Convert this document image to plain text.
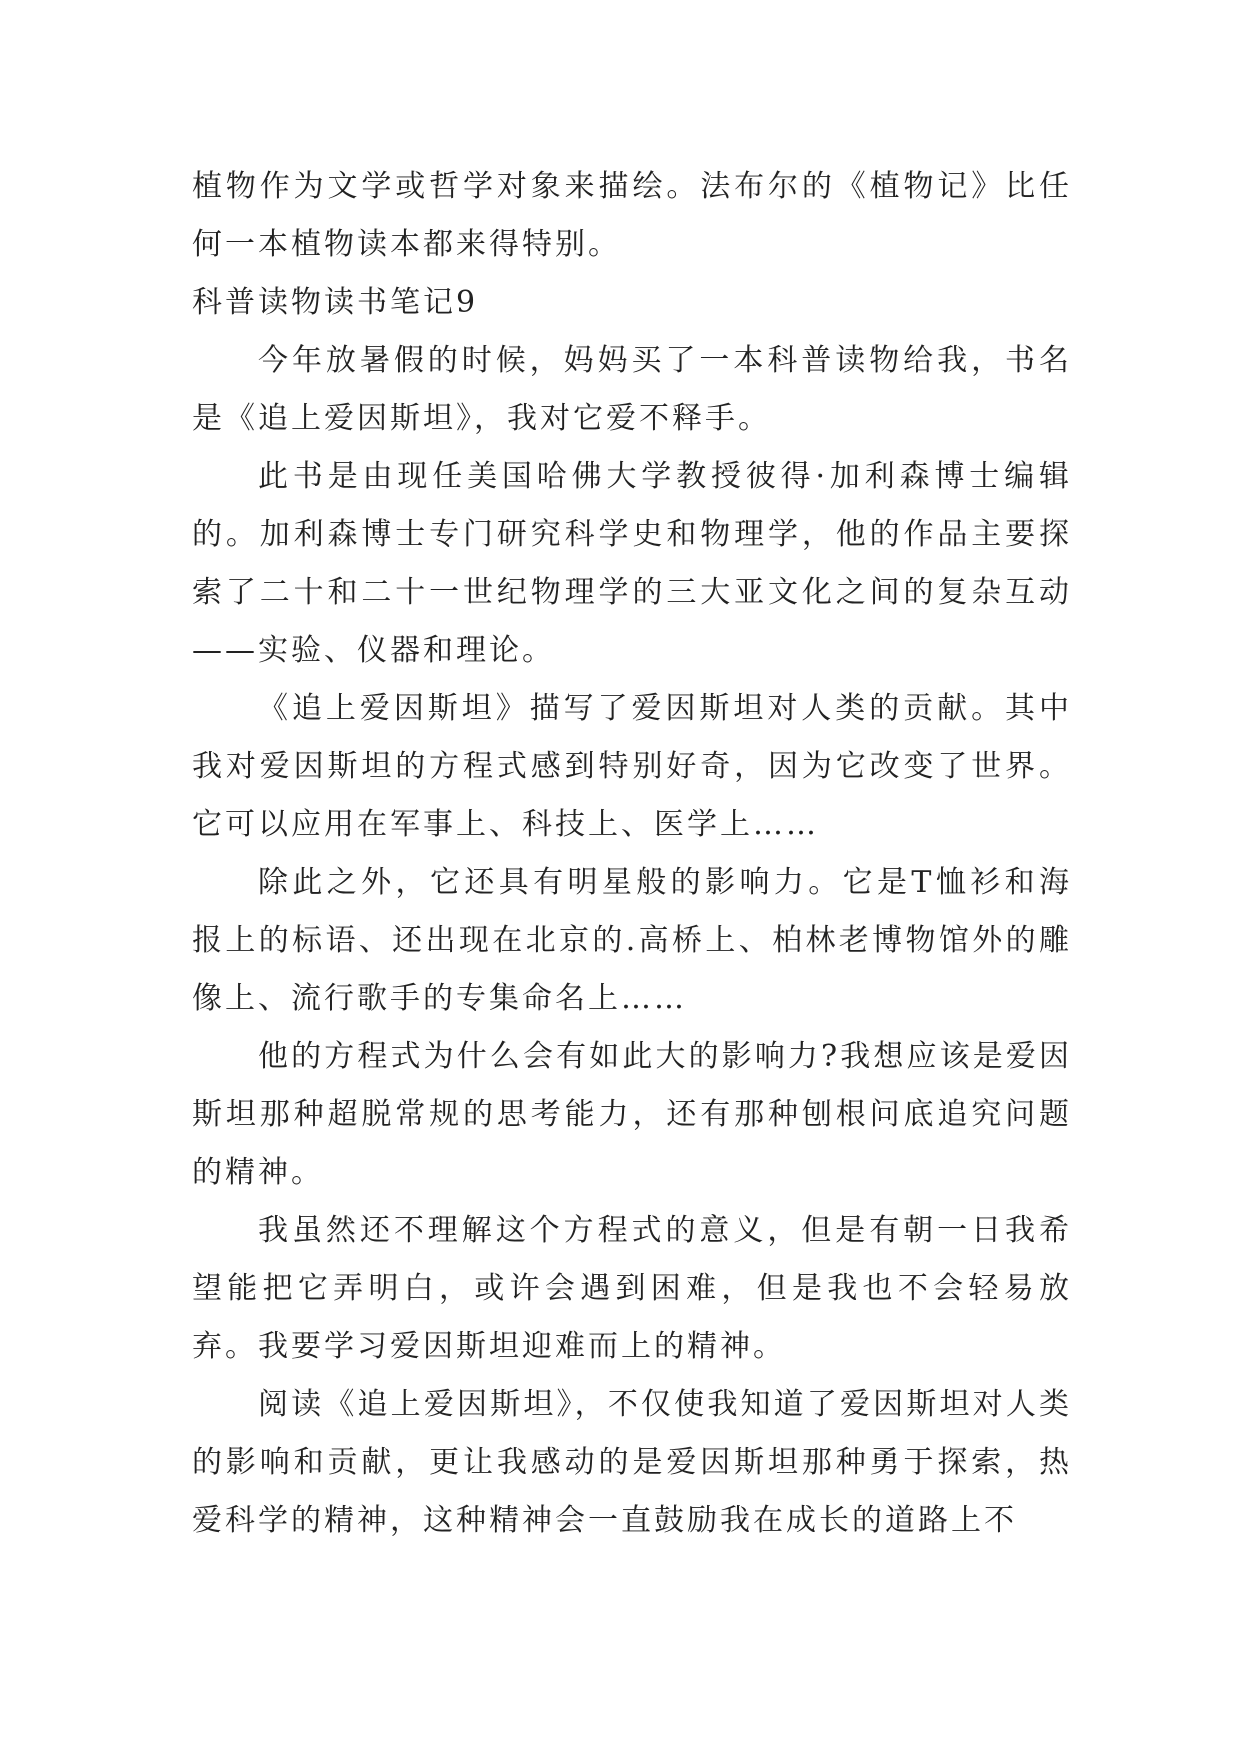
植物作为文学或哲学对象来描绘。法布尔的《植物记》比任何一本植物读本都来得特别。

科普读物读书笔记9

今年放暑假的时候，妈妈买了一本科普读物给我，书名是《追上爱因斯坦》，我对它爱不释手。

此书是由现任美国哈佛大学教授彼得·加利森博士编辑的。加利森博士专门研究科学史和物理学，他的作品主要探索了二十和二十一世纪物理学的三大亚文化之间的复杂互动——实验、仪器和理论。

《追上爱因斯坦》描写了爱因斯坦对人类的贡献。其中我对爱因斯坦的方程式感到特别好奇，因为它改变了世界。它可以应用在军事上、科技上、医学上……

除此之外，它还具有明星般的影响力。它是T恤衫和海报上的标语、还出现在北京的.高桥上、柏林老博物馆外的雕像上、流行歌手的专集命名上……

他的方程式为什么会有如此大的影响力?我想应该是爱因斯坦那种超脱常规的思考能力，还有那种刨根问底追究问题的精神。

我虽然还不理解这个方程式的意义，但是有朝一日我希望能把它弄明白，或许会遇到困难，但是我也不会轻易放弃。我要学习爱因斯坦迎难而上的精神。

阅读《追上爱因斯坦》，不仅使我知道了爱因斯坦对人类的影响和贡献，更让我感动的是爱因斯坦那种勇于探索，热爱科学的精神，这种精神会一直鼓励我在成长的道路上不
